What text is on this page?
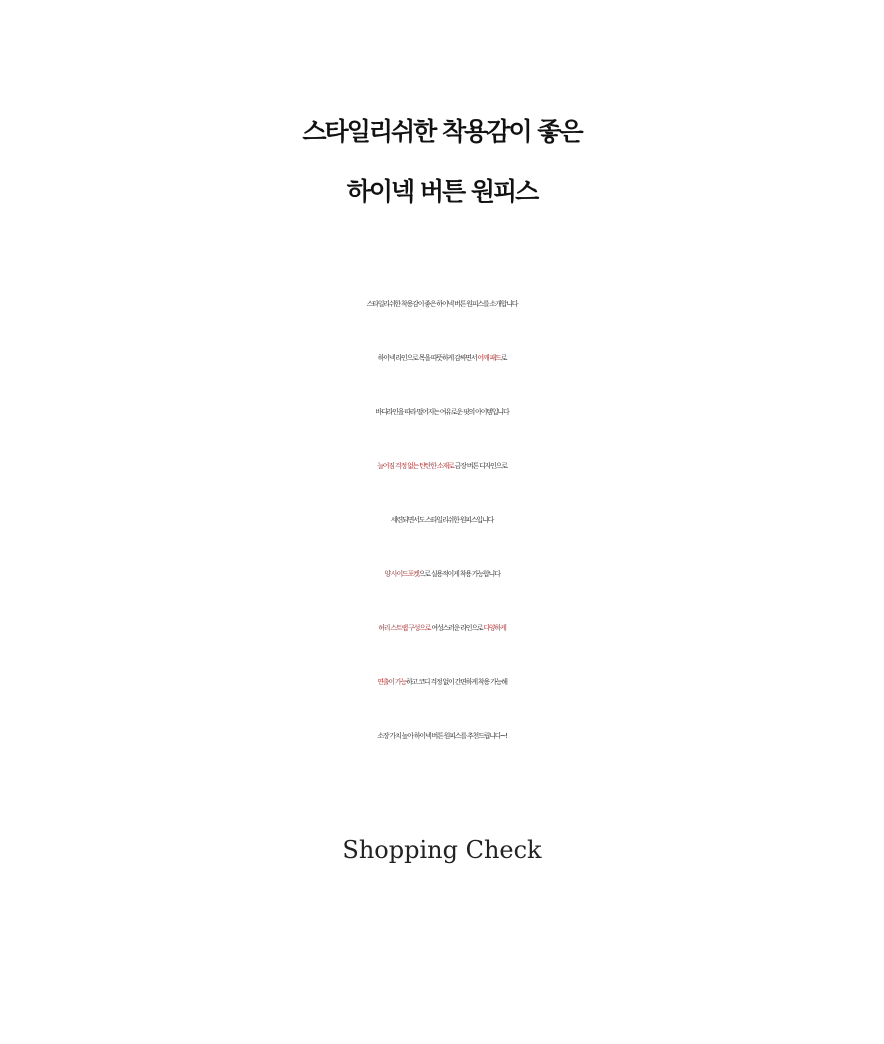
스타일리쉬한 착용감이 좋은
하이넥 버튼 원피스
스타일리쉬한 착용감이 좋은 하이넥 버튼 원피스를 소개합니다
하이넥 라인으로 목을 따뜻하게 감싸면서 어깨 패드로
바디라인을 따라 떨어지는 여유로운 핏의 아이템입니다
늘어짐 걱정 없는 탄탄한 소재로 금장 버튼 디자인으로
세련되면서도 스타일리쉬한 원피스입니다
양 사이드포켓으로 실용적이게 착용 가능합니다
허리 스트랩 구성으로 여성스러운 라인으로 다양하게
연출이 가능하고 코디 걱정 없이 간편하게 착용 가능해
소장 가치 높아 하이넥 버튼 원피스를 추천드립니다~!
Shopping Check
